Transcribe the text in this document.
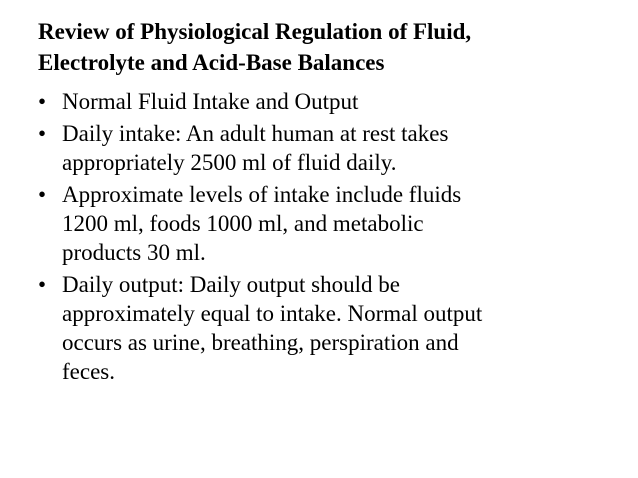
Review of Physiological Regulation of Fluid,
Electrolyte and Acid-Base Balances
• Normal Fluid Intake and Output
• Daily intake: An adult human at rest takes
appropriately 2500 ml of fluid daily.
• Approximate levels of intake include fluids
1200 ml, foods 1000 ml, and metabolic
products 30 ml.
• Daily output: Daily output should be
approximately equal to intake. Normal output
occurs as urine, breathing, perspiration and
feces.
